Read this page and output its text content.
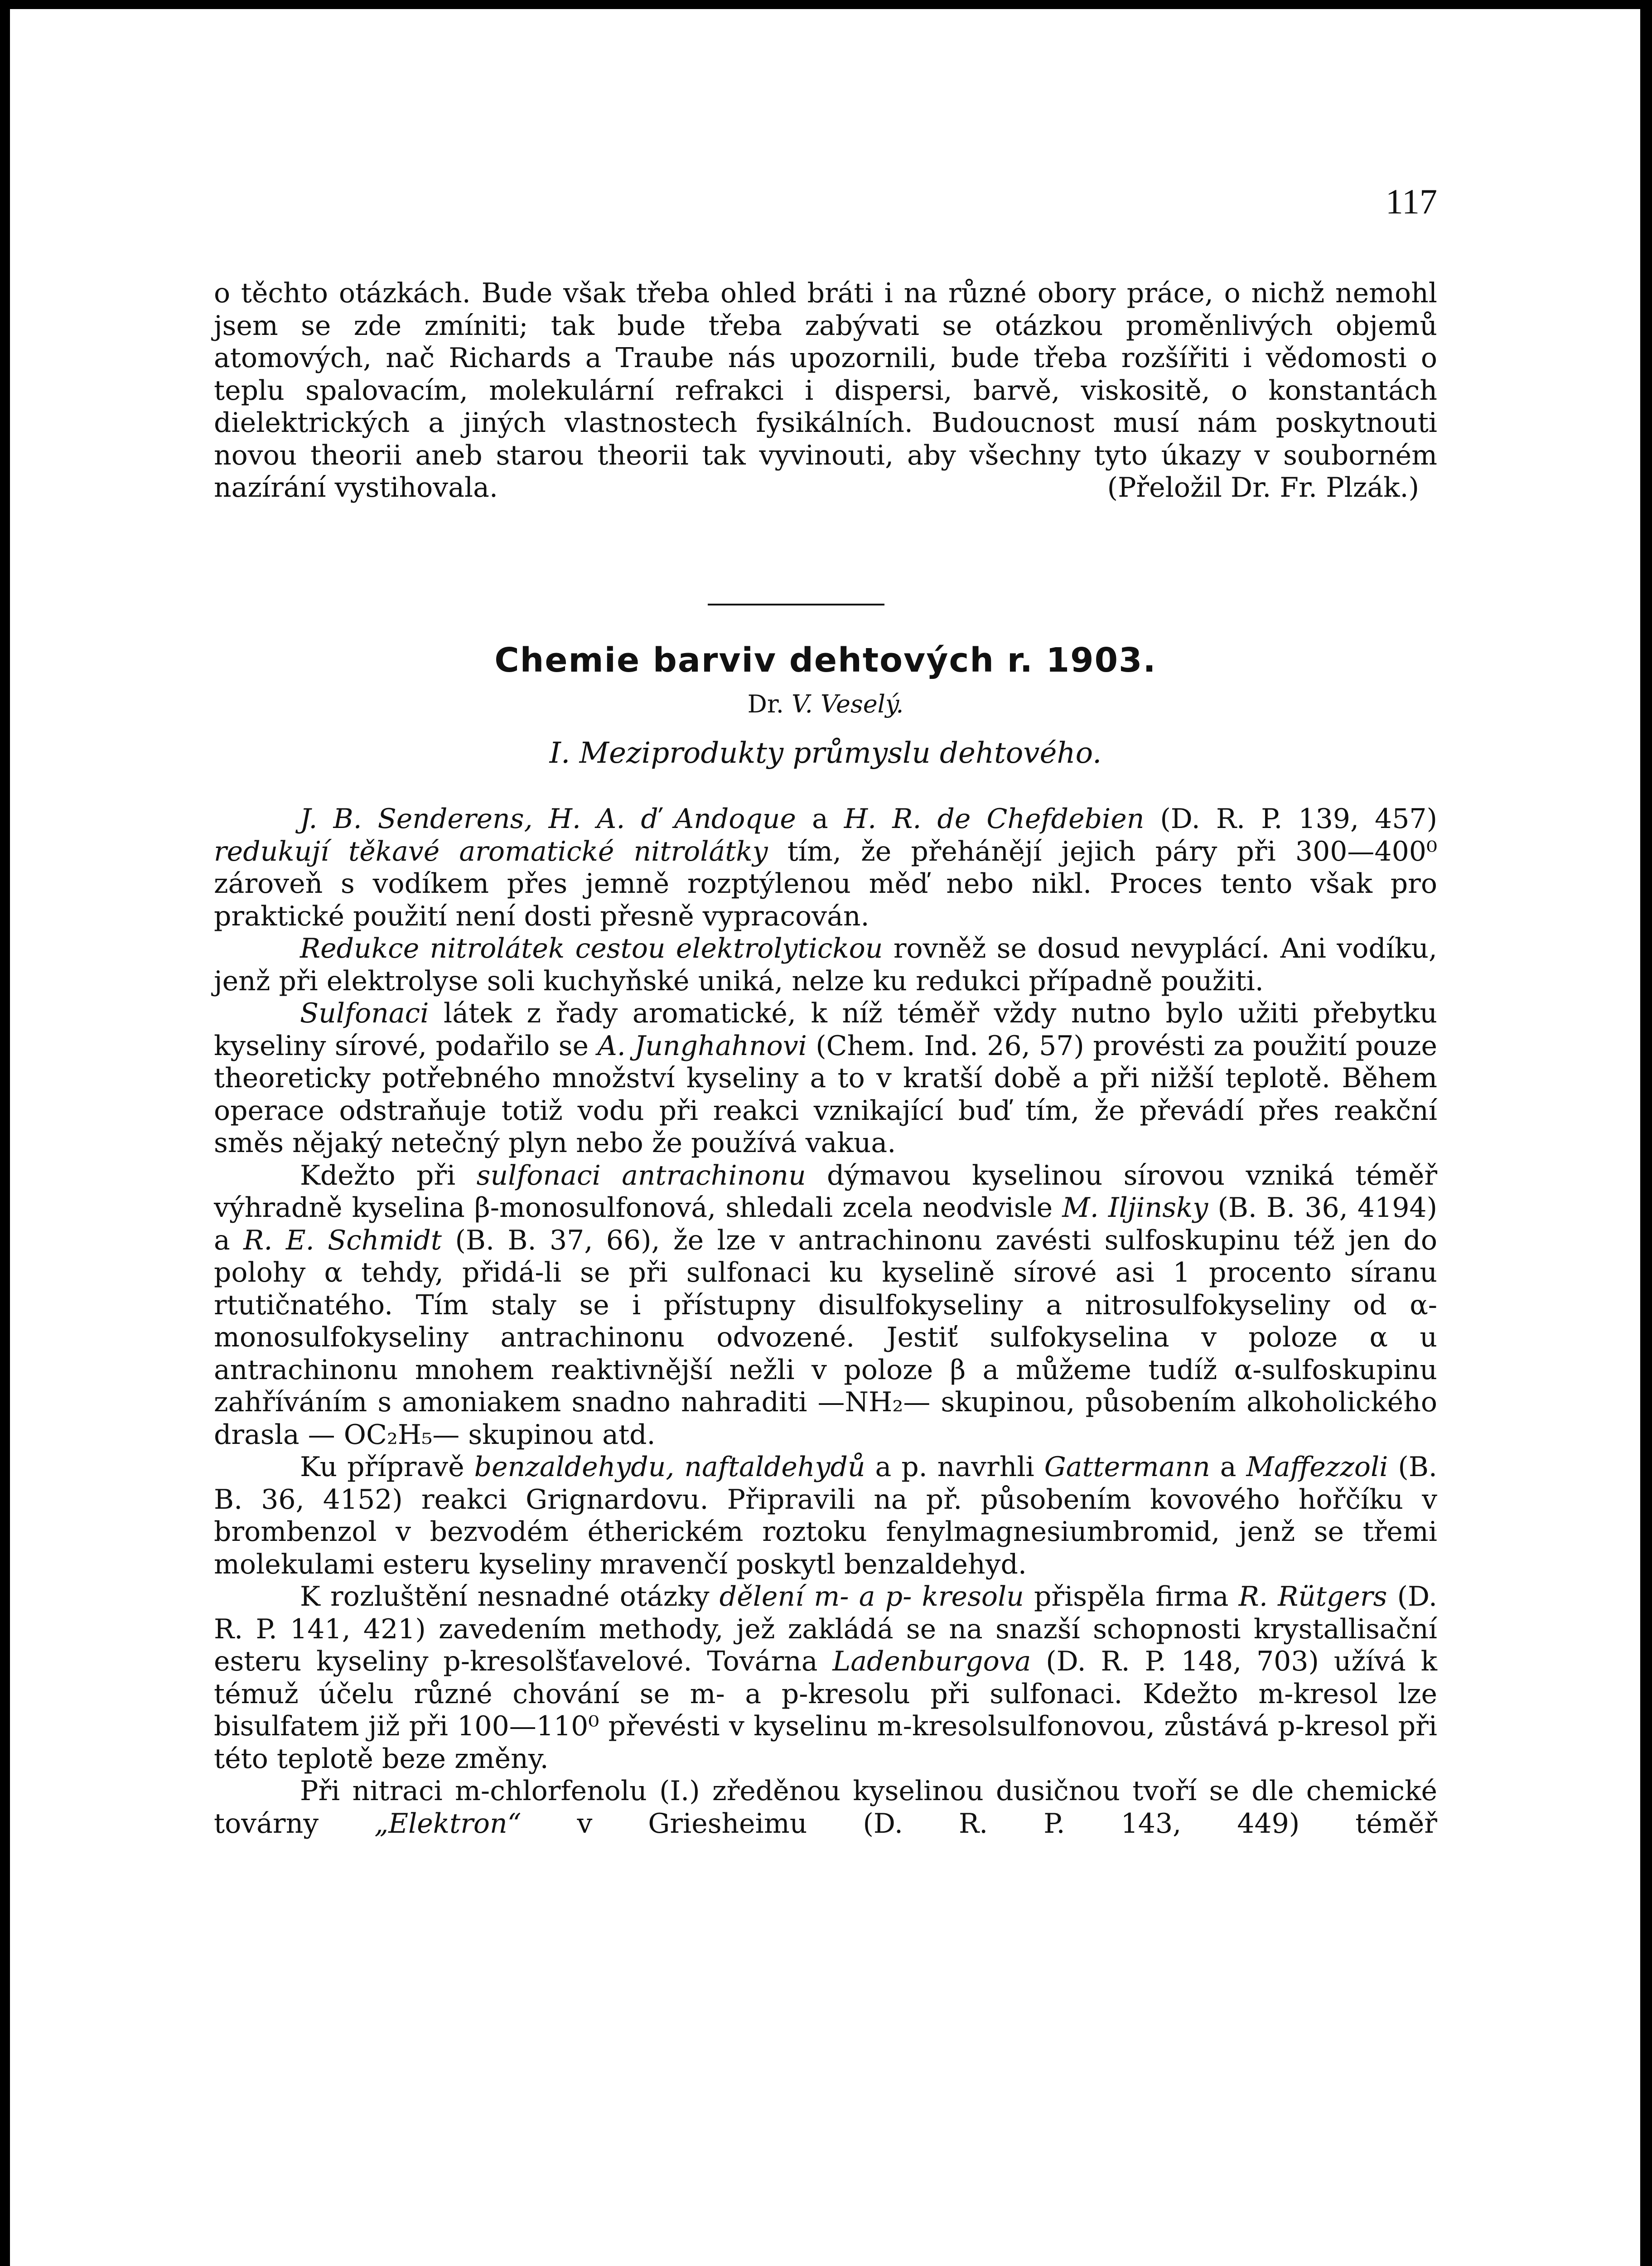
117

o těchto otázkách. Bude však třeba ohled bráti i na různé obory práce, o nichž nemohl jsem se zde zmíniti; tak bude třeba zabývati se otázkou proměnlivých objemů atomových, nač Richards a Traube nás upozornili, bude třeba rozšířiti i vědomosti o teplu spalovacím, molekulární refrakci i dispersi, barvě, viskositě, o konstantách dielektrických a jiných vlastnostech fysikálních. Budoucnost musí nám poskytnouti novou theorii aneb starou theorii tak vyvinouti, aby všechny tyto úkazy v souborném nazírání vystihovala.	(Přeložil Dr. Fr. Plzák.)

Chemie barviv dehtových r. 1903.
Dr. V. Veselý.
I. Meziprodukty průmyslu dehtového.

J. B. Senderens, H. A. ď Andoque a H. R. de Chefdebien (D. R. P. 139, 457) redukují těkavé aromatické nitrolátky tím, že přehánějí jejich páry při 300—400⁰ zároveň s vodíkem přes jemně rozptýlenou měď nebo nikl. Proces tento však pro praktické použití není dosti přesně vypracován.

Redukce nitrolátek cestou elektrolytickou rovněž se dosud nevyplácí. Ani vodíku, jenž při elektrolyse soli kuchyňské uniká, nelze ku redukci případně použiti.

Sulfonaci látek z řady aromatické, k níž téměř vždy nutno bylo užiti přebytku kyseliny sírové, podařilo se A. Junghahnovi (Chem. Ind. 26, 57) provésti za použití pouze theoreticky potřebného množství kyseliny a to v kratší době a při nižší teplotě. Během operace odstraňuje totiž vodu při reakci vznikající buď tím, že převádí přes reakční směs nějaký netečný plyn nebo že používá vakua.

Kdežto při sulfonaci antrachinonu dýmavou kyselinou sírovou vzniká téměř výhradně kyselina β-monosulfonová, shledali zcela neodvisle M. Iljinsky (B. B. 36, 4194) a R. E. Schmidt (B. B. 37, 66), že lze v antrachinonu zavésti sulfoskupinu též jen do polohy α tehdy, přidá-li se při sulfonaci ku kyselině sírové asi 1 procento síranu rtutičnatého. Tím staly se i přístupny disulfokyseliny a nitrosulfokyseliny od α-monosulfokyseliny antrachinonu odvozené. Jestiť sulfokyselina v poloze α u antrachinonu mnohem reaktivnější nežli v poloze β a můžeme tudíž α-sulfoskupinu zahříváním s amoniakem snadno nahraditi —NH₂— skupinou, působením alkoholického drasla — OC₂H₅— skupinou atd.

Ku přípravě benzaldehydu, naftaldehydů a p. navrhli Gattermann a Maffezzoli (B. B. 36, 4152) reakci Grignardovu. Připravili na př. působením kovového hořčíku v brombenzol v bezvodém étherickém roztoku fenylmagnesiumbromid, jenž se třemi molekulami esteru kyseliny mravenčí poskytl benzaldehyd.

K rozluštění nesnadné otázky dělení m- a p- kresolu přispěla firma R. Rütgers (D. R. P. 141, 421) zavedením methody, jež zakládá se na snazší schopnosti krystallisační esteru kyseliny p-kresolšťavelové. Továrna Ladenburgova (D. R. P. 148, 703) užívá k témuž účelu různé chování se m- a p-kresolu při sulfonaci. Kdežto m-kresol lze bisulfatem již při 100—110⁰ převésti v kyselinu m-kresolsulfonovou, zůstává p-kresol při této teplotě beze změny.

Při nitraci m-chlorfenolu (I.) zředěnou kyselinou dusičnou tvoří se dle chemické továrny „Elektron“ v Griesheimu (D. R. P. 143, 449) téměř
